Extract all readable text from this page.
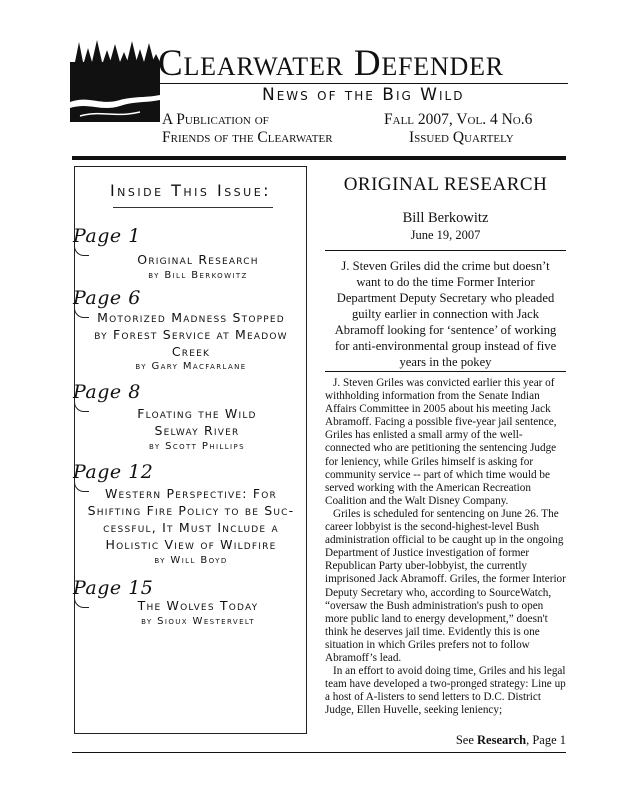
Clearwater Defender
News of the Big Wild
A Publication of
Friends of the Clearwater
Fall 2007, Vol. 4 No.6
Issued Quartely
Inside This Issue:
Page 1
Original Research
by Bill Berkowitz
Page 6
Motorized Madness Stopped
by Forest Service at Meadow
Creek
by Gary Macfarlane
Page 8
Floating the Wild
Selway River
by Scott Phillips
Page 12
Western Perspective: For
Shifting Fire Policy to be Suc-
cessful, It Must Include a
Holistic View of Wildfire
by Will Boyd
Page 15
The Wolves Today
by Sioux Westervelt
ORIGINAL RESEARCH
Bill Berkowitz
June 19, 2007
J. Steven Griles did the crime but doesn’t want to do the time Former Interior Department Deputy Secretary who pleaded guilty earlier in connection with Jack Abramoff looking for ‘sentence’ of working for anti-environmental group instead of five years in the pokey

J. Steven Griles was convicted earlier this year of withholding information from the Senate Indian Affairs Committee in 2005 about his meeting Jack Abramoff. Facing a possible five-year jail sentence, Griles has enlisted a small army of the well-connected who are petitioning the sentencing Judge for leniency, while Griles himself is asking for community service -- part of which time would be served working with the American Recreation Coalition and the Walt Disney Company.

Griles is scheduled for sentencing on June 26. The career lobbyist is the second-highest-level Bush administration official to be caught up in the ongoing Department of Justice investigation of former Republican Party uber-lobbyist, the currently imprisoned Jack Abramoff. Griles, the former Interior Deputy Secretary who, according to SourceWatch, “oversaw the Bush administration's push to open more public land to energy development,” doesn't think he deserves jail time. Evidently this is one situation in which Griles prefers not to follow Abramoff’s lead.

In an effort to avoid doing time, Griles and his legal team have developed a two-pronged strategy: Line up a host of A-listers to send letters to D.C. District Judge, Ellen Huvelle, seeking leniency;

See Research, Page 1
